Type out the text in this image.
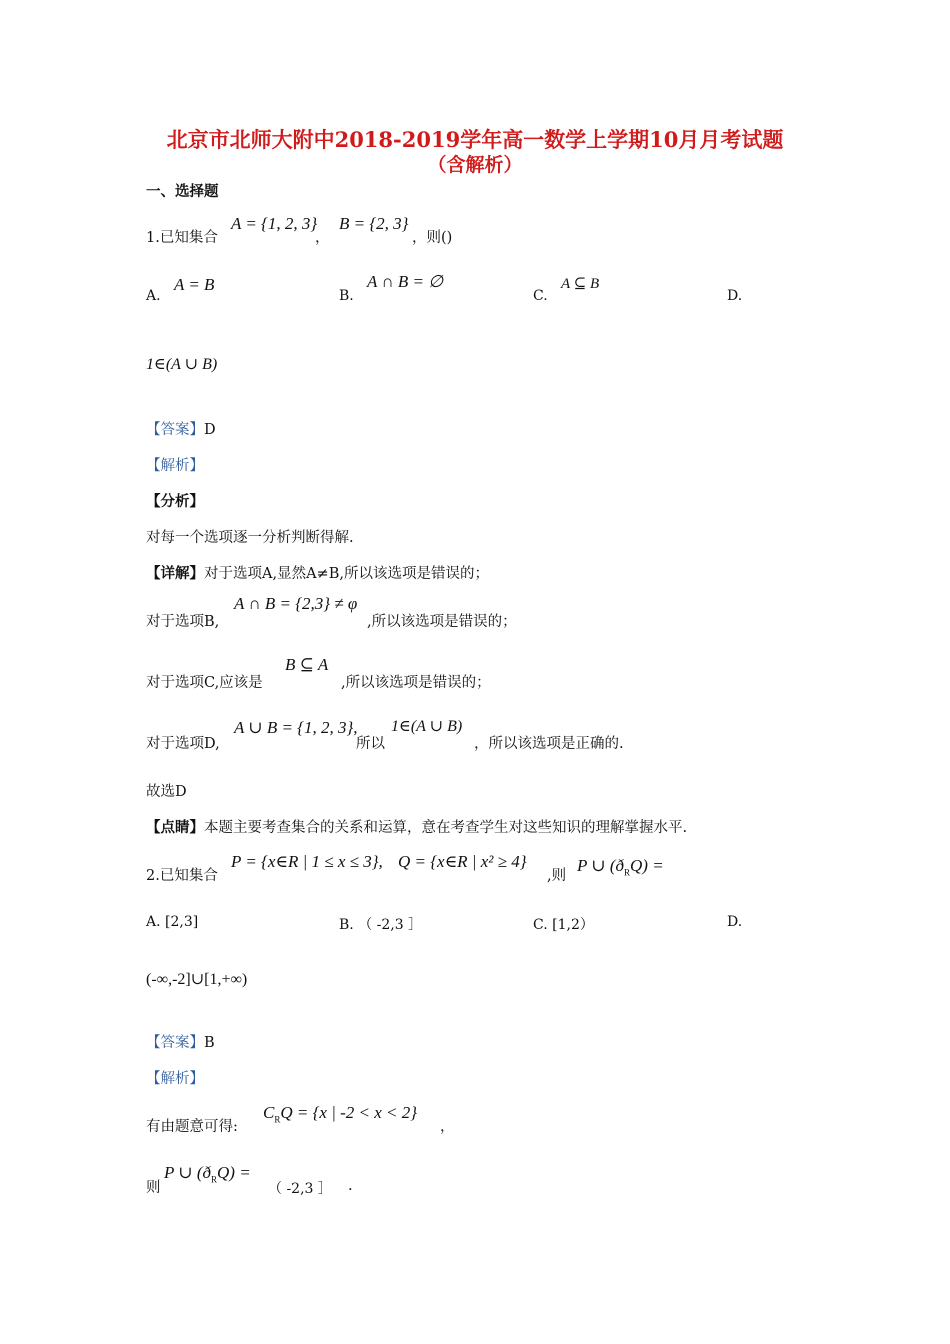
北京市北师大附中2018-2019学年高一数学上学期10月月考试题
（含解析）
一、选择题
1.已知集合
A = {1, 2, 3}
，
B = {2, 3}
，则()
A.
A = B
B.
A ∩ B = ∅
C.
A ⊆ B
D.
1∈(A ∪ B)
【答案】D
【解析】
【分析】
对每一个选项逐一分析判断得解.
【详解】对于选项A,显然A≠B,所以该选项是错误的；
对于选项B,
A ∩ B = {2,3} ≠ φ
,所以该选项是错误的；
对于选项C,应该是
B ⊆ A
,所以该选项是错误的；
对于选项D,
A ∪ B = {1, 2, 3},
所以
1∈(A ∪ B)
，所以该选项是正确的.
故选D
【点睛】本题主要考查集合的关系和运算，意在考查学生对这些知识的理解掌握水平.
2.已知集合
P = {x∈R | 1 ≤ x ≤ 3}, Q = {x∈R | x² ≥ 4}
,则
P ∪ $(ð_RQ)$ =
A. [2,3]	B. （ -2,3 ］	C. [1,2）	D.
(-∞,-2]∪[1,+∞)
【答案】B
【解析】
有由题意可得:
$C_RQ = \{x$ | -2 < x < 2}
，
则
P ∪ $(ð_RQ)$ =
（ -2,3 ］ .
